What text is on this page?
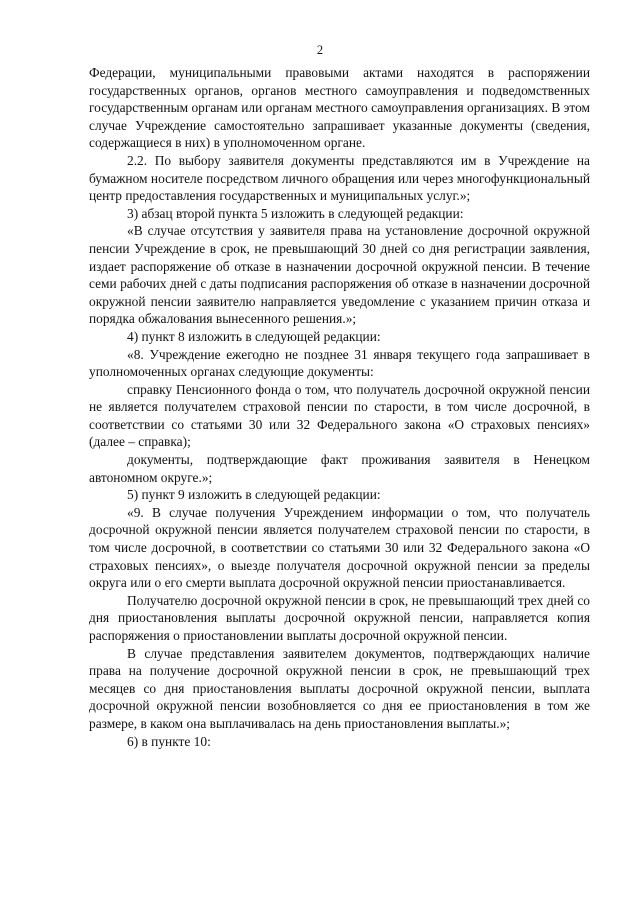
2

Федерации, муниципальными правовыми актами находятся в распоряжении государственных органов, органов местного самоуправления и подведомственных государственным органам или органам местного самоуправления организациях. В этом случае Учреждение самостоятельно запрашивает указанные документы (сведения, содержащиеся в них) в уполномоченном органе.

2.2. По выбору заявителя документы представляются им в Учреждение на бумажном носителе посредством личного обращения или через многофункциональный центр предоставления государственных и муниципальных услуг.»;

3) абзац второй пункта 5 изложить в следующей редакции:

«В случае отсутствия у заявителя права на установление досрочной окружной пенсии Учреждение в срок, не превышающий 30 дней со дня регистрации заявления, издает распоряжение об отказе в назначении досрочной окружной пенсии. В течение семи рабочих дней с даты подписания распоряжения об отказе в назначении досрочной окружной пенсии заявителю направляется уведомление с указанием причин отказа и порядка обжалования вынесенного решения.»;

4) пункт 8 изложить в следующей редакции:

«8. Учреждение ежегодно не позднее 31 января текущего года запрашивает в уполномоченных органах следующие документы:

справку Пенсионного фонда о том, что получатель досрочной окружной пенсии не является получателем страховой пенсии по старости, в том числе досрочной, в соответствии со статьями 30 или 32 Федерального закона «О страховых пенсиях» (далее – справка);

документы, подтверждающие факт проживания заявителя в Ненецком автономном округе.»;

5) пункт 9 изложить в следующей редакции:

«9. В случае получения Учреждением информации о том, что получатель досрочной окружной пенсии является получателем страховой пенсии по старости, в том числе досрочной, в соответствии со статьями 30 или 32 Федерального закона «О страховых пенсиях», о выезде получателя досрочной окружной пенсии за пределы округа или о его смерти выплата досрочной окружной пенсии приостанавливается.

Получателю досрочной окружной пенсии в срок, не превышающий трех дней со дня приостановления выплаты досрочной окружной пенсии, направляется копия распоряжения о приостановлении выплаты досрочной окружной пенсии.

В случае представления заявителем документов, подтверждающих наличие права на получение досрочной окружной пенсии в срок, не превышающий трех месяцев со дня приостановления выплаты досрочной окружной пенсии, выплата досрочной окружной пенсии возобновляется со дня ее приостановления в том же размере, в каком она выплачивалась на день приостановления выплаты.»;

6) в пункте 10:
